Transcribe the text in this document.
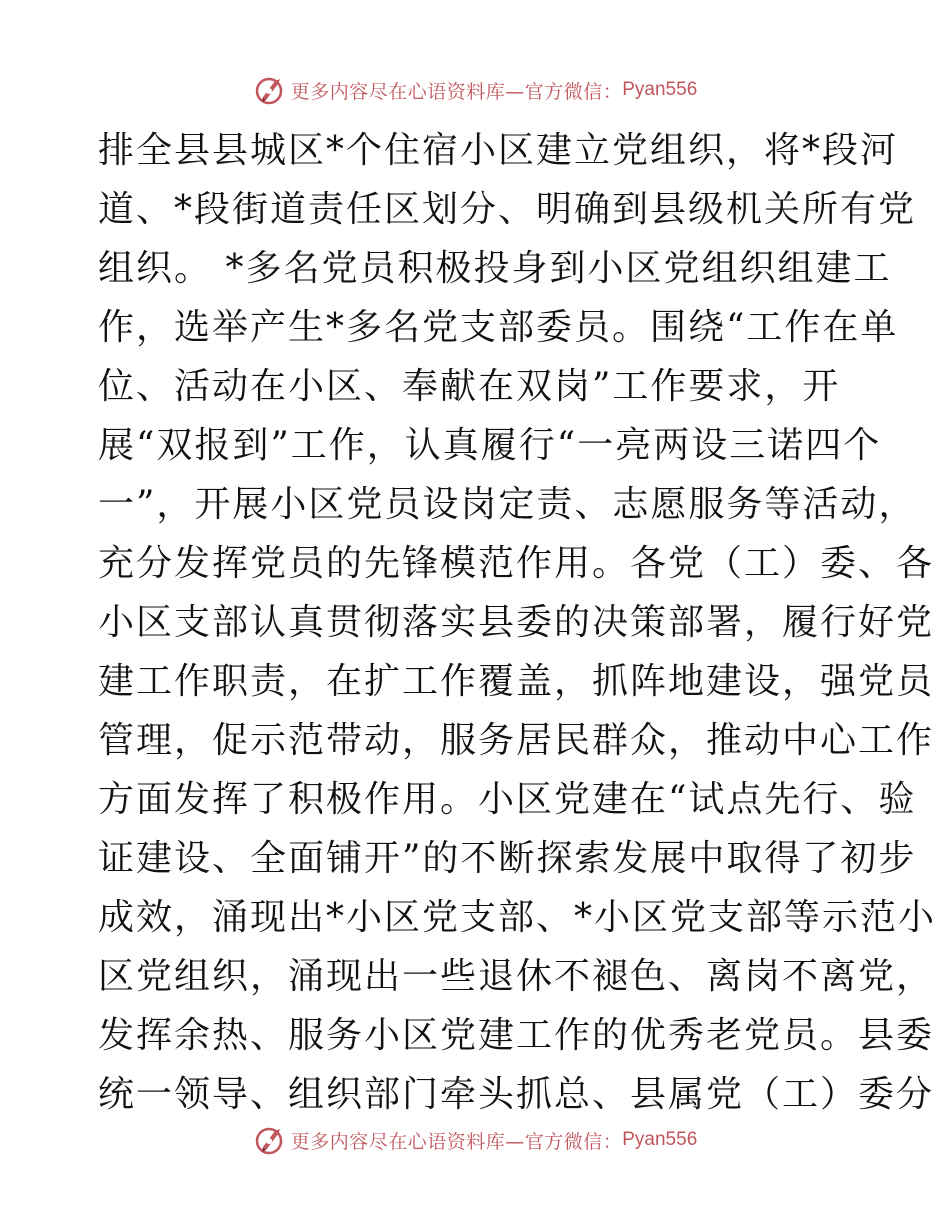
更多内容尽在心语资料库—官方微信： Pyan556
排全县县城区*个住宿小区建立党组织，将*段河
道、*段街道责任区划分、明确到县级机关所有党
组织。 *多名党员积极投身到小区党组织组建工
作，选举产生*多名党支部委员。围绕“工作在单
位、活动在小区、奉献在双岗”工作要求，开
展“双报到”工作，认真履行“一亮两设三诺四个
一”，开展小区党员设岗定责、志愿服务等活动，
充分发挥党员的先锋模范作用。各党（工）委、各
小区支部认真贯彻落实县委的决策部署，履行好党
建工作职责，在扩工作覆盖，抓阵地建设，强党员
管理，促示范带动，服务居民群众，推动中心工作
方面发挥了积极作用。小区党建在“试点先行、验
证建设、全面铺开”的不断探索发展中取得了初步
成效，涌现出*小区党支部、*小区党支部等示范小
区党组织，涌现出一些退休不褪色、离岗不离党，
发挥余热、服务小区党建工作的优秀老党员。县委
统一领导、组织部门牵头抓总、县属党（工）委分
更多内容尽在心语资料库—官方微信： Pyan556
